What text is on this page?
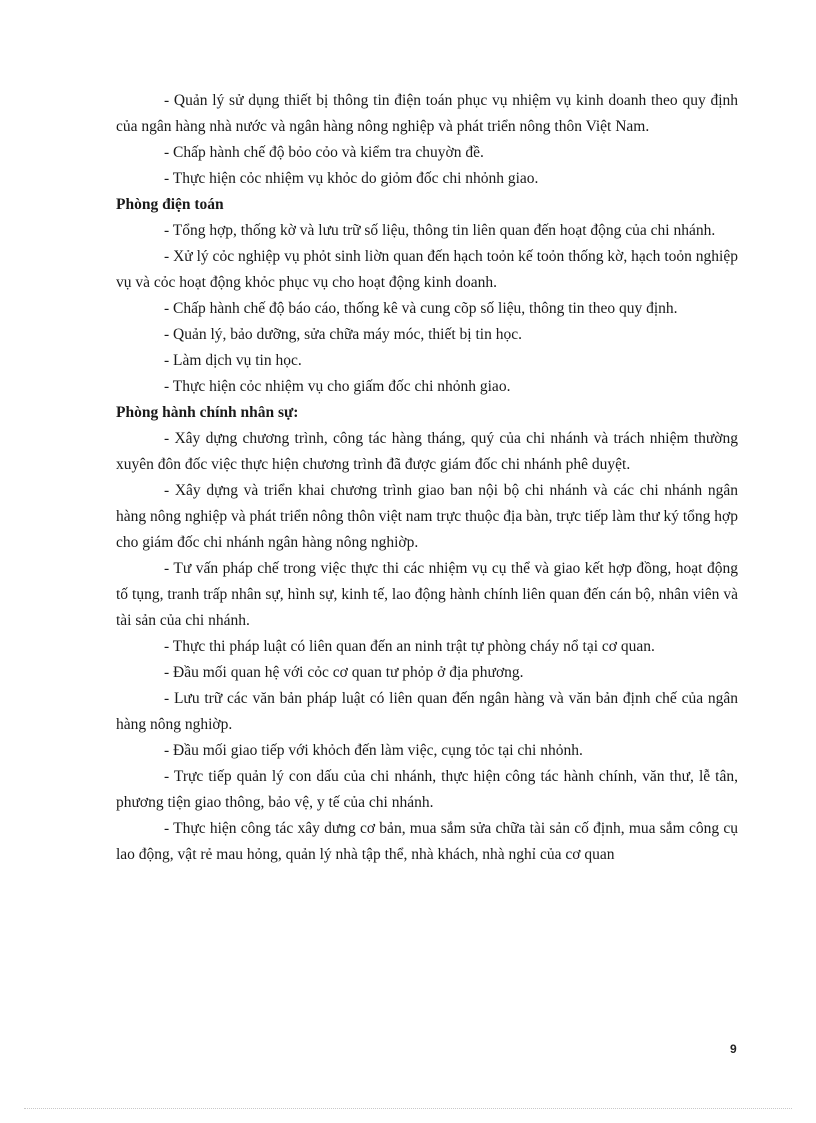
- Quản lý sử dụng thiết bị thông tin điện toán phục vụ nhiệm vụ kinh doanh theo quy định của ngân hàng nhà nước và ngân hàng nông nghiệp và phát triển nông thôn Việt Nam.

- Chấp hành chế độ bỏo cỏo và kiểm tra chuyờn đề.

- Thực hiện cỏc nhiệm vụ khỏc do giỏm đốc chi nhỏnh giao.

Phòng điện toán

- Tổng hợp, thống kờ và lưu trữ số liệu, thông tin liên quan đến hoạt động của chi nhánh.

- Xử lý cỏc nghiệp vụ phỏt sinh liờn quan đến hạch toỏn kế toỏn thống kờ, hạch toỏn nghiệp vụ và cỏc hoạt động khỏc phục vụ cho hoạt động kinh doanh.

- Chấp hành chế độ báo cáo, thống kê và cung cõp số liệu, thông tin theo quy định.

- Quản lý, bảo dưỡng, sửa chữa máy móc, thiết bị tin học.

- Làm dịch vụ tin học.

- Thực hiện cỏc nhiệm vụ cho giấm đốc chi nhỏnh giao.

Phòng hành chính nhân sự:

- Xây dựng chương trình, công tác hàng tháng, quý của chi nhánh và trách nhiệm thường xuyên đôn đốc việc thực hiện chương trình đã được giám đốc chi nhánh phê duyệt.

- Xây dựng và triển khai chương trình giao ban nội bộ chi nhánh và các chi nhánh ngân hàng nông nghiệp và phát triển nông thôn việt nam trực thuộc địa bàn, trực tiếp làm thư ký tổng hợp cho giám đốc chi nhánh ngân hàng nông nghiờp.

- Tư vấn pháp chế trong việc thực thi các nhiệm vụ cụ thể và giao kết hợp đồng, hoạt động tố tụng, tranh trấp nhân sự, hình sự, kinh tế, lao động hành chính liên quan đến cán bộ, nhân viên và tài sản của chi nhánh.

- Thực thi pháp luật có liên quan đến an ninh trật tự phòng cháy nổ tại cơ quan.

- Đầu mối quan hệ với cỏc cơ quan tư phỏp ở địa phương.

- Lưu trữ các văn bản pháp luật có liên quan đến ngân hàng và văn bản định chế của ngân hàng nông nghiờp.

- Đầu mối giao tiếp với khỏch đến làm việc, cụng tỏc tại chi nhỏnh.

- Trực tiếp quản lý con dấu của chi nhánh, thực hiện công tác hành chính, văn thư, lễ tân, phương tiện giao thông, bảo vệ, y tế của chi nhánh.

- Thực hiện công tác xây dưng cơ bản, mua sắm sửa chữa tài sản cố định, mua sắm công cụ lao động, vật rẻ mau hỏng, quản lý nhà tập thể, nhà khách, nhà nghỉ của cơ quan

9
